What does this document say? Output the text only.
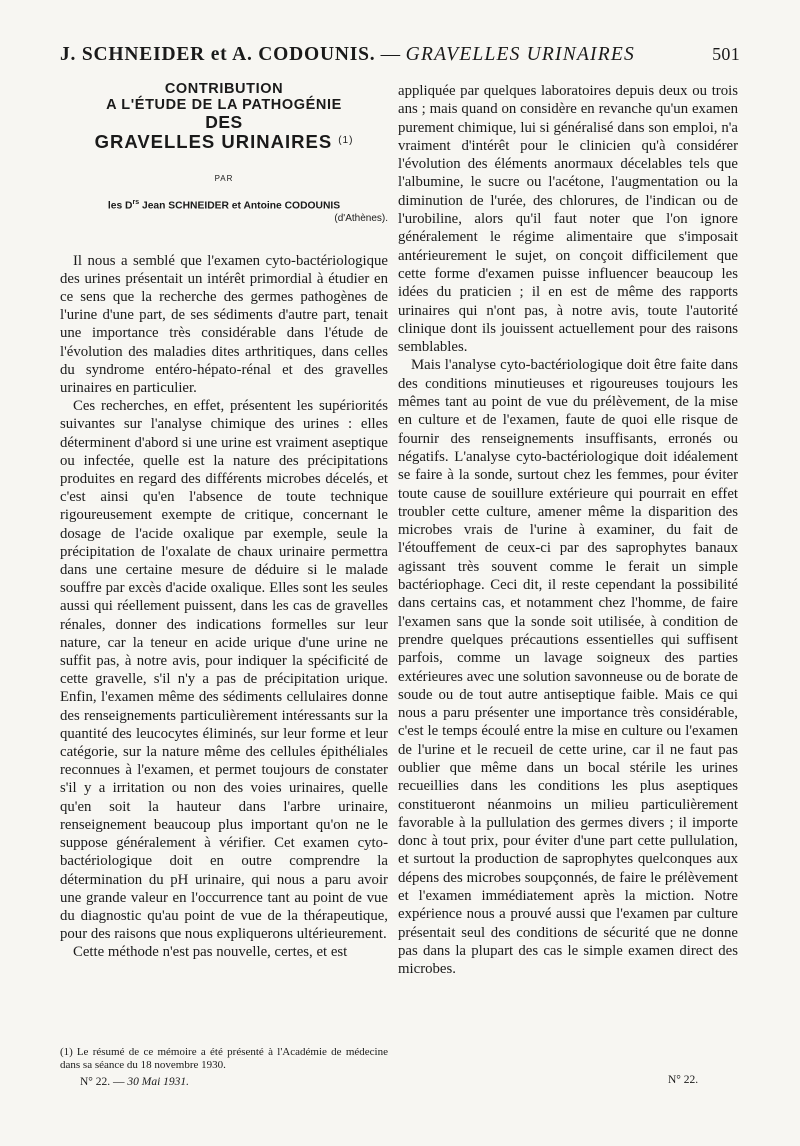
J. SCHNEIDER et A. CODOUNIS. — GRAVELLES URINAIRES	501
CONTRIBUTION
A L'ÉTUDE DE LA PATHOGÉNIE
DES
GRAVELLES URINAIRES $^{(1)}$
PAR
les $D^{rs}$ Jean SCHNEIDER et Antoine CODOUNIS
(d'Athènes).

Il nous a semblé que l'examen cyto-bactériologique des urines présentait un intérêt primordial à étudier en ce sens que la recherche des germes pathogènes de l'urine d'une part, de ses sédiments d'autre part, tenait une importance très considérable dans l'étude de l'évolution des maladies dites arthritiques, dans celles du syndrome entéro-hépato-rénal et des gravelles urinaires en particulier.

Ces recherches, en effet, présentent les supériorités suivantes sur l'analyse chimique des urines : elles déterminent d'abord si une urine est vraiment aseptique ou infectée, quelle est la nature des précipitations produites en regard des différents microbes décelés, et c'est ainsi qu'en l'absence de toute technique rigoureusement exempte de critique, concernant le dosage de l'acide oxalique par exemple, seule la précipitation de l'oxalate de chaux urinaire permettra dans une certaine mesure de déduire si le malade souffre par excès d'acide oxalique. Elles sont les seules aussi qui réellement puissent, dans les cas de gravelles rénales, donner des indications formelles sur leur nature, car la teneur en acide urique d'une urine ne suffit pas, à notre avis, pour indiquer la spécificité de cette gravelle, s'il n'y a pas de précipitation urique. Enfin, l'examen même des sédiments cellulaires donne des renseignements particulièrement intéressants sur la quantité des leucocytes éliminés, sur leur forme et leur catégorie, sur la nature même des cellules épithéliales reconnues à l'examen, et permet toujours de constater s'il y a irritation ou non des voies urinaires, quelle qu'en soit la hauteur dans l'arbre urinaire, renseignement beaucoup plus important qu'on ne le suppose généralement à vérifier. Cet examen cyto-bactériologique doit en outre comprendre la détermination du pH urinaire, qui nous a paru avoir une grande valeur en l'occurrence tant au point de vue du diagnostic qu'au point de vue de la thérapeutique, pour des raisons que nous expliquerons ultérieurement.

Cette méthode n'est pas nouvelle, certes, et est

appliquée par quelques laboratoires depuis deux ou trois ans ; mais quand on considère en revanche qu'un examen purement chimique, lui si généralisé dans son emploi, n'a vraiment d'intérêt pour le clinicien qu'à considérer l'évolution des éléments anormaux décelables tels que l'albumine, le sucre ou l'acétone, l'augmentation ou la diminution de l'urée, des chlorures, de l'indican ou de l'urobiline, alors qu'il faut noter que l'on ignore généralement le régime alimentaire que s'imposait antérieurement le sujet, on conçoit difficilement que cette forme d'examen puisse influencer beaucoup les idées du praticien ; il en est de même des rapports urinaires qui n'ont pas, à notre avis, toute l'autorité clinique dont ils jouissent actuellement pour des raisons semblables.

Mais l'analyse cyto-bactériologique doit être faite dans des conditions minutieuses et rigoureuses toujours les mêmes tant au point de vue du prélèvement, de la mise en culture et de l'examen, faute de quoi elle risque de fournir des renseignements insuffisants, erronés ou négatifs. L'analyse cyto-bactériologique doit idéalement se faire à la sonde, surtout chez les femmes, pour éviter toute cause de souillure extérieure qui pourrait en effet troubler cette culture, amener même la disparition des microbes vrais de l'urine à examiner, du fait de l'étouffement de ceux-ci par des saprophytes banaux agissant très souvent comme le ferait un simple bactériophage. Ceci dit, il reste cependant la possibilité dans certains cas, et notamment chez l'homme, de faire l'examen sans que la sonde soit utilisée, à condition de prendre quelques précautions essentielles qui suffisent parfois, comme un lavage soigneux des parties extérieures avec une solution savonneuse ou de borate de soude ou de tout autre antiseptique faible. Mais ce qui nous a paru présenter une importance très considérable, c'est le temps écoulé entre la mise en culture ou l'examen de l'urine et le recueil de cette urine, car il ne faut pas oublier que même dans un bocal stérile les urines recueillies dans les conditions les plus aseptiques constitueront néanmoins un milieu particulièrement favorable à la pullulation des germes divers ; il importe donc à tout prix, pour éviter d'une part cette pullulation, et surtout la production de saprophytes quelconques aux dépens des microbes soupçonnés, de faire le prélèvement et l'examen immédiatement après la miction. Notre expérience nous a prouvé aussi que l'examen par culture présentait seul des conditions de sécurité que ne donne pas dans la plupart des cas le simple examen direct des microbes.

(1) Le résumé de ce mémoire a été présenté à l'Académie de médecine dans sa séance du 18 novembre 1930.
N° 22. — 30 Mai 1931.	N° 22.
